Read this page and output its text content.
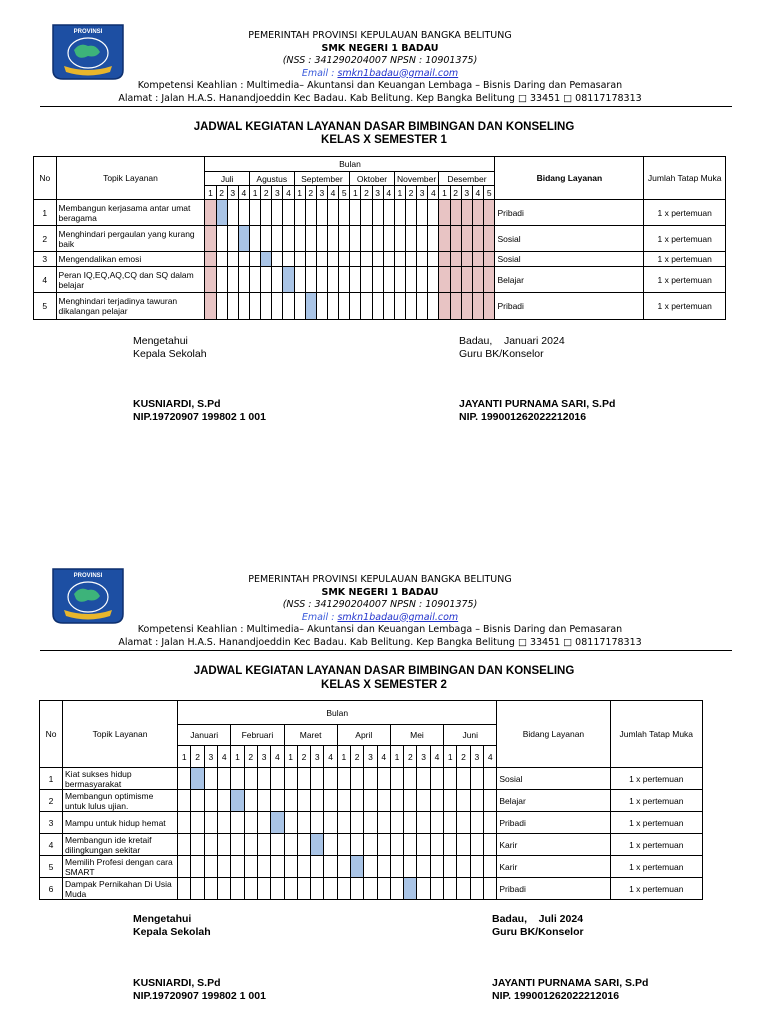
PROVINSI	PEMERINTAH PROVINSI KEPULAUAN BANGKA BELITUNG
SMK NEGERI 1 BADAU
(NSS : 341290204007 NPSN : 10901375)
Email : smkn1badau@gmail.com
Kompetensi Keahlian : Multimedia– Akuntansi dan Keuangan Lembaga – Bisnis Daring dan Pemasaran
Alamat : Jalan H.A.S. Hanandjoeddin Kec Badau. Kab Belitung. Kep Bangka Belitung □ 33451 □ 08117178313
JADWAL KEGIATAN LAYANAN DASAR BIMBINGAN DAN KONSELING
KELAS X SEMESTER 1
No	Topik Layanan	Bulan																										Bidang Layanan	Jumlah Tatap Muka
		Juli				Agustus				September					Oktober				November				Desember						
		1	2	3	4	1	2	3	4	1	2	3	4	5	1	2	3	4	1	2	3	4	1	2	3	4	5		
1	Membangun kerjasama antar umat beragama																											Pribadi	1 x pertemuan
2	Menghindari pergaulan yang kurang baik																											Sosial	1 x pertemuan
3	Mengendalikan emosi																											Sosial	1 x pertemuan
4	Peran IQ,EQ,AQ,CQ dan SQ dalam belajar																											Belajar	1 x pertemuan
5	Menghindari terjadinya tawuran dikalangan pelajar																											Pribadi	1 x pertemuan
Mengetahui
Kepala Sekolah
KUSNIARDI, S.Pd
NIP.19720907 199802 1 001
Badau,    Januari 2024
Guru BK/Konselor
JAYANTI PURNAMA SARI, S.Pd
NIP. 199001262022212016
PROVINSI	PEMERINTAH PROVINSI KEPULAUAN BANGKA BELITUNG
SMK NEGERI 1 BADAU
(NSS : 341290204007 NPSN : 10901375)
Email : smkn1badau@gmail.com
Kompetensi Keahlian : Multimedia– Akuntansi dan Keuangan Lembaga – Bisnis Daring dan Pemasaran
Alamat : Jalan H.A.S. Hanandjoeddin Kec Badau. Kab Belitung. Kep Bangka Belitung □ 33451 □ 08117178313
JADWAL KEGIATAN LAYANAN DASAR BIMBINGAN DAN KONSELING
KELAS X SEMESTER 2
No	Topik Layanan	Bulan																								Bidang Layanan	Jumlah Tatap Muka
		Januari				Februari				Maret				April				Mei				Juni					
		1	2	3	4	1	2	3	4	1	2	3	4	1	2	3	4	1	2	3	4	1	2	3	4		
1	Kiat sukses hidup bermasyarakat																									Sosial	1 x pertemuan
2	Membangun optimisme untuk lulus ujian.																									Belajar	1 x pertemuan
3	Mampu untuk hidup hemat																									Pribadi	1 x pertemuan
4	Membangun ide kretaif dilingkungan sekitar																									Karir	1 x pertemuan
5	Memilih Profesi dengan cara SMART																									Karir	1 x pertemuan
6	Dampak Pernikahan Di Usia Muda																									Pribadi	1 x pertemuan
Mengetahui
Kepala Sekolah
KUSNIARDI, S.Pd
NIP.19720907 199802 1 001
Badau,    Juli 2024
Guru BK/Konselor
JAYANTI PURNAMA SARI, S.Pd
NIP. 199001262022212016
